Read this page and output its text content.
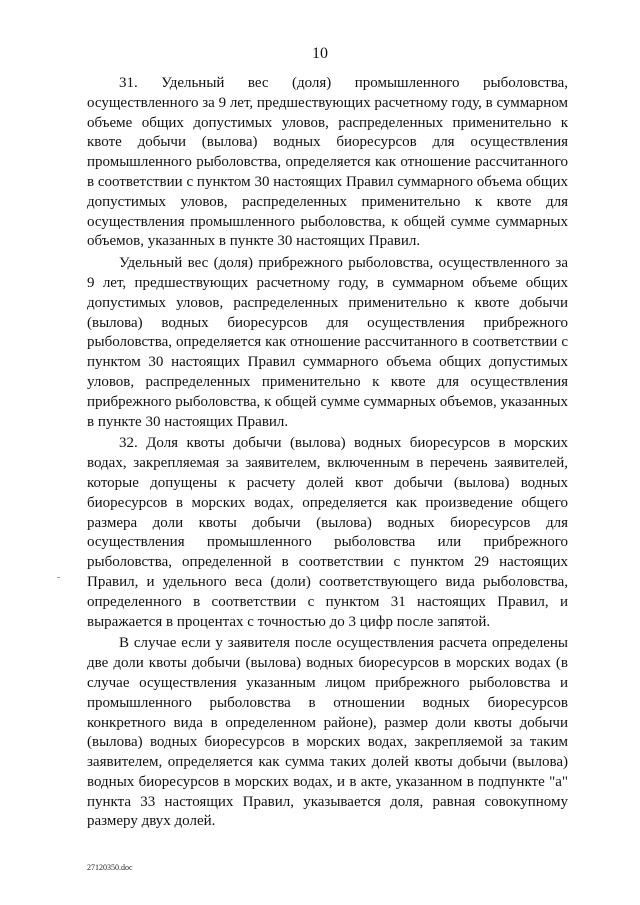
10

31. Удельный вес (доля) промышленного рыболовства, осуществленного за 9 лет, предшествующих расчетному году, в суммарном объеме общих допустимых уловов, распределенных применительно к квоте добычи (вылова) водных биоресурсов для осуществления промышленного рыболовства, определяется как отношение рассчитанного в соответствии с пунктом 30 настоящих Правил суммарного объема общих допустимых уловов, распределенных применительно к квоте для осуществления промышленного рыболовства, к общей сумме суммарных объемов, указанных в пункте 30 настоящих Правил.

Удельный вес (доля) прибрежного рыболовства, осуществленного за 9 лет, предшествующих расчетному году, в суммарном объеме общих допустимых уловов, распределенных применительно к квоте добычи (вылова) водных биоресурсов для осуществления прибрежного рыболовства, определяется как отношение рассчитанного в соответствии с пунктом 30 настоящих Правил суммарного объема общих допустимых уловов, распределенных применительно к квоте для осуществления прибрежного рыболовства, к общей сумме суммарных объемов, указанных в пункте 30 настоящих Правил.

32. Доля квоты добычи (вылова) водных биоресурсов в морских водах, закрепляемая за заявителем, включенным в перечень заявителей, которые допущены к расчету долей квот добычи (вылова) водных биоресурсов в морских водах, определяется как произведение общего размера доли квоты добычи (вылова) водных биоресурсов для осуществления промышленного рыболовства или прибрежного рыболовства, определенной в соответствии с пунктом 29 настоящих Правил, и удельного веса (доли) соответствующего вида рыболовства, определенного в соответствии с пунктом 31 настоящих Правил, и выражается в процентах с точностью до 3 цифр после запятой.

В случае если у заявителя после осуществления расчета определены две доли квоты добычи (вылова) водных биоресурсов в морских водах (в случае осуществления указанным лицом прибрежного рыболовства и промышленного рыболовства в отношении водных биоресурсов конкретного вида в определенном районе), размер доли квоты добычи (вылова) водных биоресурсов в морских водах, закрепляемой за таким заявителем, определяется как сумма таких долей квоты добычи (вылова) водных биоресурсов в морских водах, и в акте, указанном в подпункте "а" пункта 33 настоящих Правил, указывается доля, равная совокупному размеру двух долей.

27120350.doc
